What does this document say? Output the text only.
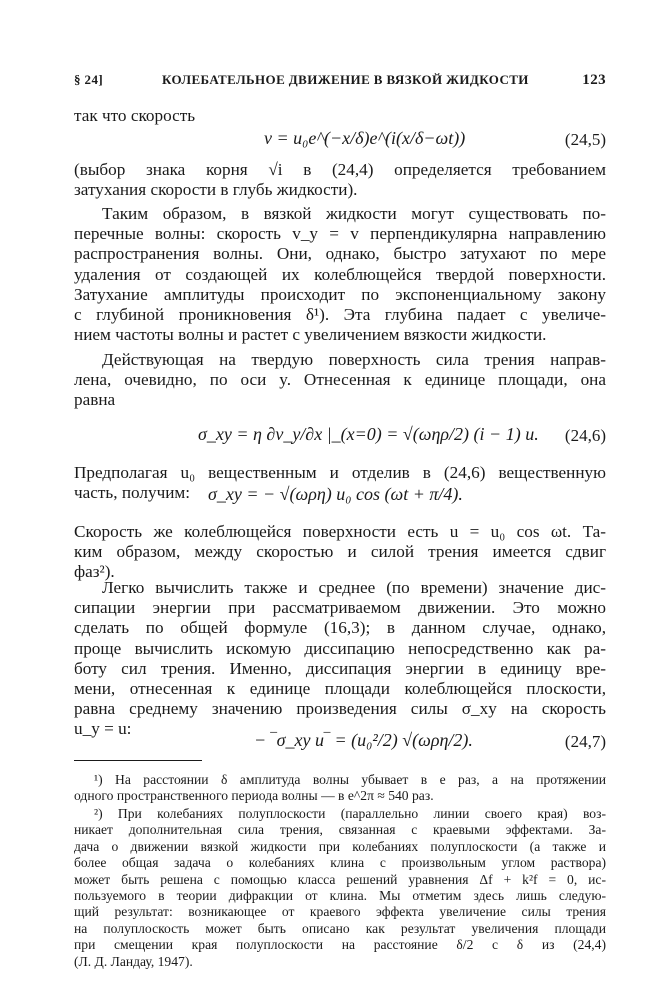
§ 24]	КОЛЕБАТЕЛЬНОЕ ДВИЖЕНИЕ В ВЯЗКОЙ ЖИДКОСТИ	123
так что скорость
v = u₀e^(−x/δ)e^(i(x/δ−ωt))	(24,5)
(выбор знака корня √i в (24,4) определяется требованием
затухания скорости в глубь жидкости).
Таким образом, в вязкой жидкости могут существовать по-
перечные волны: скорость v_y = v перпендикулярна направлению
распространения волны. Они, однако, быстро затухают по мере
удаления от создающей их колеблющейся твердой поверхности.
Затухание амплитуды происходит по экспоненциальному закону
с глубиной проникновения δ¹). Эта глубина падает с увеличе-
нием частоты волны и растет с увеличением вязкости жидкости.
Действующая на твердую поверхность сила трения направ-
лена, очевидно, по оси y. Отнесенная к единице площади, она
равна
σ_xy = η ∂v_y/∂x |_(x=0) = √(ωηρ/2) (i − 1) u. (24,6)
Предполагая u₀ вещественным и отделив в (24,6) вещественную
часть, получим: σ_xy = − √(ωρη) u₀ cos (ωt + π/4).
Скорость же колеблющейся поверхности есть u = u₀ cos ωt. Та-
ким образом, между скоростью и силой трения имеется сдвиг
фаз²).
Легко вычислить также и среднее (по времени) значение дис-
сипации энергии при рассматриваемом движении. Это можно
сделать по общей формуле (16,3); в данном случае, однако,
проще вычислить искомую диссипацию непосредственно как ра-
боту сил трения. Именно, диссипация энергии в единицу вре-
мени, отнесенная к единице площади колеблющейся плоскости,
равна среднему значению произведения силы σ_xy на скорость
u_y = u:
− ‾σ_xy u‾ = (u₀²/2) √(ωρη/2).	(24,7)
¹) На расстоянии δ амплитуда волны убывает в e раз, а на протяжении
одного пространственного периода волны — в e^2π ≈ 540 раз.
²) При колебаниях полуплоскости (параллельно линии своего края) воз-
никает дополнительная сила трения, связанная с краевыми эффектами. За-
дача о движении вязкой жидкости при колебаниях полуплоскости (а также и
более общая задача о колебаниях клина с произвольным углом раствора)
может быть решена с помощью класса решений уравнения Δf + k²f = 0, ис-
пользуемого в теории дифракции от клина. Мы отметим здесь лишь следую-
щий результат: возникающее от краевого эффекта увеличение силы трения
на полуплоскость может быть описано как результат увеличения площади
при смещении края полуплоскости на расстояние δ/2 с δ из (24,4)
(Л. Д. Ландау, 1947).
